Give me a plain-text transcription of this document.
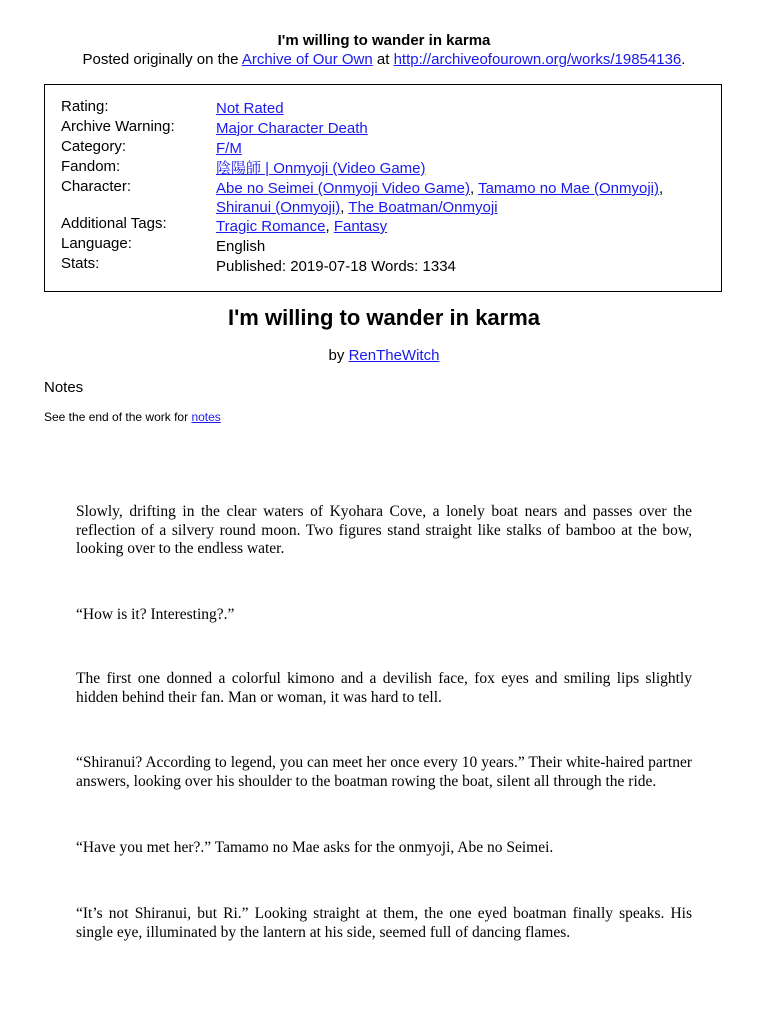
I'm willing to wander in karma
Posted originally on the Archive of Our Own at http://archiveofourown.org/works/19854136.
Rating:	Not Rated
Archive Warning:	Major Character Death
Category:	F/M
Fandom:	陰陽師 | Onmyoji (Video Game)
Character:	Abe no Seimei (Onmyoji Video Game), Tamamo no Mae (Onmyoji),
Shiranui (Onmyoji), The Boatman/Onmyoji
Additional Tags:	Tragic Romance, Fantasy
Language:	English
Stats:	Published: 2019-07-18 Words: 1334
I'm willing to wander in karma
by RenTheWitch
Notes
See the end of the work for notes

Slowly, drifting in the clear waters of Kyohara Cove, a lonely boat nears and passes over the reflection of a silvery round moon. Two figures stand straight like stalks of bamboo at the bow, looking over to the endless water.

“How is it? Interesting?.”

The first one donned a colorful kimono and a devilish face, fox eyes and smiling lips slightly hidden behind their fan. Man or woman, it was hard to tell.

“Shiranui? According to legend, you can meet her once every 10 years.” Their white-haired partner answers, looking over his shoulder to the boatman rowing the boat, silent all through the ride.

“Have you met her?.” Tamamo no Mae asks for the onmyoji, Abe no Seimei.

“It’s not Shiranui, but Ri.” Looking straight at them, the one eyed boatman finally speaks. His single eye, illuminated by the lantern at his side, seemed full of dancing flames.
